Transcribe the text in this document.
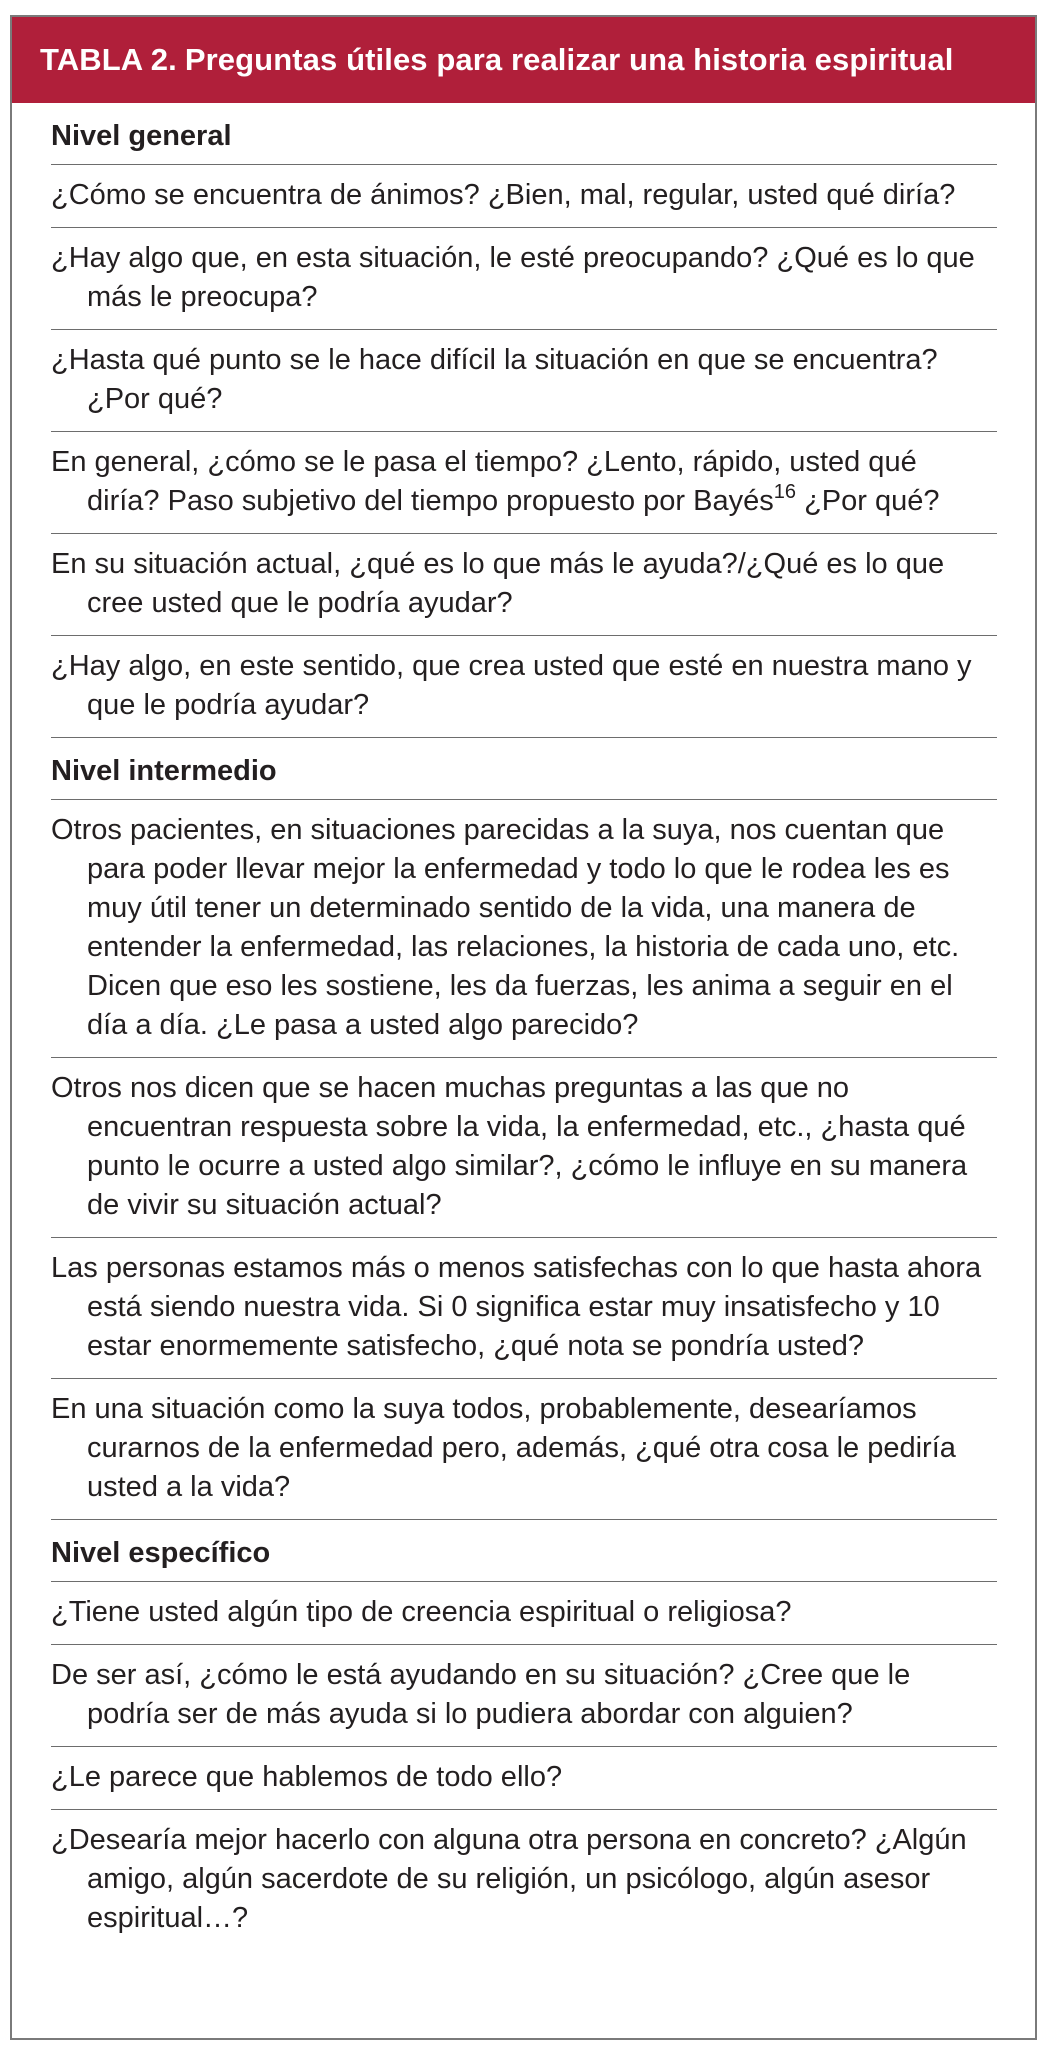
TABLA 2. Preguntas útiles para realizar una historia espiritual
Nivel general
¿Cómo se encuentra de ánimos? ¿Bien, mal, regular, usted qué diría?
¿Hay algo que, en esta situación, le esté preocupando? ¿Qué es lo que más le preocupa?
¿Hasta qué punto se le hace difícil la situación en que se encuentra? ¿Por qué?
En general, ¿cómo se le pasa el tiempo? ¿Lento, rápido, usted qué diría? Paso subjetivo del tiempo propuesto por Bayés$^{16}$ ¿Por qué?
En su situación actual, ¿qué es lo que más le ayuda?/¿Qué es lo que cree usted que le podría ayudar?
¿Hay algo, en este sentido, que crea usted que esté en nuestra mano y que le podría ayudar?
Nivel intermedio
Otros pacientes, en situaciones parecidas a la suya, nos cuentan que para poder llevar mejor la enfermedad y todo lo que le rodea les es muy útil tener un determinado sentido de la vida, una manera de entender la enfermedad, las relaciones, la historia de cada uno, etc. Dicen que eso les sostiene, les da fuerzas, les anima a seguir en el día a día. ¿Le pasa a usted algo parecido?
Otros nos dicen que se hacen muchas preguntas a las que no encuentran respuesta sobre la vida, la enfermedad, etc., ¿hasta qué punto le ocurre a usted algo similar?, ¿cómo le influye en su manera de vivir su situación actual?
Las personas estamos más o menos satisfechas con lo que hasta ahora está siendo nuestra vida. Si 0 significa estar muy insatisfecho y 10 estar enormemente satisfecho, ¿qué nota se pondría usted?
En una situación como la suya todos, probablemente, desearíamos curarnos de la enfermedad pero, además, ¿qué otra cosa le pediría usted a la vida?
Nivel específico
¿Tiene usted algún tipo de creencia espiritual o religiosa?
De ser así, ¿cómo le está ayudando en su situación? ¿Cree que le podría ser de más ayuda si lo pudiera abordar con alguien?
¿Le parece que hablemos de todo ello?
¿Desearía mejor hacerlo con alguna otra persona en concreto? ¿Algún amigo, algún sacerdote de su religión, un psicólogo, algún asesor espiritual…?
